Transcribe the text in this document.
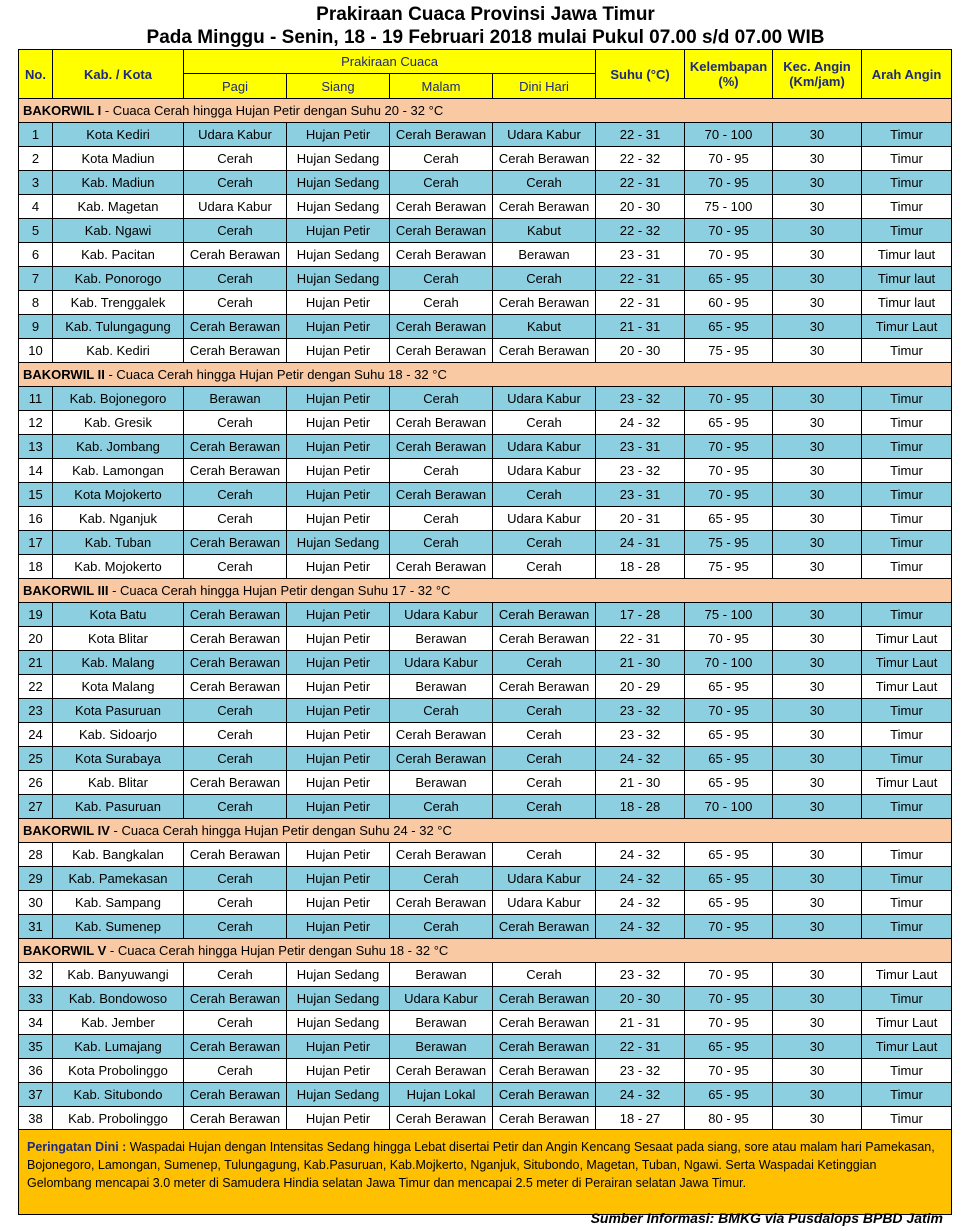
Prakiraan Cuaca Provinsi Jawa Timur
Pada Minggu - Senin, 18 - 19 Februari 2018 mulai Pukul 07.00 s/d 07.00 WIB
No.	Kab. / Kota	Prakiraan Cuaca				Suhu (°C)	Kelembapan (%)	Kec. Angin (Km/jam)	Arah Angin
		Pagi	Siang	Malam	Dini Hari				
BAKORWIL I - Cuaca Cerah hingga Hujan Petir dengan Suhu 20 - 32 °C									
1	Kota Kediri	Udara Kabur	Hujan Petir	Cerah Berawan	Udara Kabur	22 - 31	70 - 100	30	Timur
2	Kota Madiun	Cerah	Hujan Sedang	Cerah	Cerah Berawan	22 - 32	70 - 95	30	Timur
3	Kab. Madiun	Cerah	Hujan Sedang	Cerah	Cerah	22 - 31	70 - 95	30	Timur
4	Kab. Magetan	Udara Kabur	Hujan Sedang	Cerah Berawan	Cerah Berawan	20 - 30	75 - 100	30	Timur
5	Kab. Ngawi	Cerah	Hujan Petir	Cerah Berawan	Kabut	22 - 32	70 - 95	30	Timur
6	Kab. Pacitan	Cerah Berawan	Hujan Sedang	Cerah Berawan	Berawan	23 - 31	70 - 95	30	Timur laut
7	Kab. Ponorogo	Cerah	Hujan Sedang	Cerah	Cerah	22 - 31	65 - 95	30	Timur laut
8	Kab. Trenggalek	Cerah	Hujan Petir	Cerah	Cerah Berawan	22 - 31	60 - 95	30	Timur laut
9	Kab. Tulungagung	Cerah Berawan	Hujan Petir	Cerah Berawan	Kabut	21 - 31	65 - 95	30	Timur Laut
10	Kab. Kediri	Cerah Berawan	Hujan Petir	Cerah Berawan	Cerah Berawan	20 - 30	75 - 95	30	Timur
BAKORWIL II - Cuaca Cerah hingga Hujan Petir dengan Suhu 18 - 32 °C									
11	Kab. Bojonegoro	Berawan	Hujan Petir	Cerah	Udara Kabur	23 - 32	70 - 95	30	Timur
12	Kab. Gresik	Cerah	Hujan Petir	Cerah Berawan	Cerah	24 - 32	65 - 95	30	Timur
13	Kab. Jombang	Cerah Berawan	Hujan Petir	Cerah Berawan	Udara Kabur	23 - 31	70 - 95	30	Timur
14	Kab. Lamongan	Cerah Berawan	Hujan Petir	Cerah	Udara Kabur	23 - 32	70 - 95	30	Timur
15	Kota Mojokerto	Cerah	Hujan Petir	Cerah Berawan	Cerah	23 - 31	70 - 95	30	Timur
16	Kab. Nganjuk	Cerah	Hujan Petir	Cerah	Udara Kabur	20 - 31	65 - 95	30	Timur
17	Kab. Tuban	Cerah Berawan	Hujan Sedang	Cerah	Cerah	24 - 31	75 - 95	30	Timur
18	Kab. Mojokerto	Cerah	Hujan Petir	Cerah Berawan	Cerah	18 - 28	75 - 95	30	Timur
BAKORWIL III - Cuaca Cerah hingga Hujan Petir dengan Suhu 17 - 32 °C									
19	Kota Batu	Cerah Berawan	Hujan Petir	Udara Kabur	Cerah Berawan	17 - 28	75 - 100	30	Timur
20	Kota Blitar	Cerah Berawan	Hujan Petir	Berawan	Cerah Berawan	22 - 31	70 - 95	30	Timur Laut
21	Kab. Malang	Cerah Berawan	Hujan Petir	Udara Kabur	Cerah	21 - 30	70 - 100	30	Timur Laut
22	Kota Malang	Cerah Berawan	Hujan Petir	Berawan	Cerah Berawan	20 - 29	65 - 95	30	Timur Laut
23	Kota Pasuruan	Cerah	Hujan Petir	Cerah	Cerah	23 - 32	70 - 95	30	Timur
24	Kab. Sidoarjo	Cerah	Hujan Petir	Cerah Berawan	Cerah	23 - 32	65 - 95	30	Timur
25	Kota Surabaya	Cerah	Hujan Petir	Cerah Berawan	Cerah	24 - 32	65 - 95	30	Timur
26	Kab. Blitar	Cerah Berawan	Hujan Petir	Berawan	Cerah	21 - 30	65 - 95	30	Timur Laut
27	Kab. Pasuruan	Cerah	Hujan Petir	Cerah	Cerah	18 - 28	70 - 100	30	Timur
BAKORWIL IV - Cuaca Cerah hingga Hujan Petir dengan Suhu 24 - 32 °C									
28	Kab. Bangkalan	Cerah Berawan	Hujan Petir	Cerah Berawan	Cerah	24 - 32	65 - 95	30	Timur
29	Kab. Pamekasan	Cerah	Hujan Petir	Cerah	Udara Kabur	24 - 32	65 - 95	30	Timur
30	Kab. Sampang	Cerah	Hujan Petir	Cerah Berawan	Udara Kabur	24 - 32	65 - 95	30	Timur
31	Kab. Sumenep	Cerah	Hujan Petir	Cerah	Cerah Berawan	24 - 32	70 - 95	30	Timur
BAKORWIL V - Cuaca Cerah hingga Hujan Petir dengan Suhu 18 - 32 °C									
32	Kab. Banyuwangi	Cerah	Hujan Sedang	Berawan	Cerah	23 - 32	70 - 95	30	Timur Laut
33	Kab. Bondowoso	Cerah Berawan	Hujan Sedang	Udara Kabur	Cerah Berawan	20 - 30	70 - 95	30	Timur
34	Kab. Jember	Cerah	Hujan Sedang	Berawan	Cerah Berawan	21 - 31	70 - 95	30	Timur Laut
35	Kab. Lumajang	Cerah Berawan	Hujan Petir	Berawan	Cerah Berawan	22 - 31	65 - 95	30	Timur Laut
36	Kota Probolinggo	Cerah	Hujan Petir	Cerah Berawan	Cerah Berawan	23 - 32	70 - 95	30	Timur
37	Kab. Situbondo	Cerah Berawan	Hujan Sedang	Hujan Lokal	Cerah Berawan	24 - 32	65 - 95	30	Timur
38	Kab. Probolinggo	Cerah Berawan	Hujan Petir	Cerah Berawan	Cerah Berawan	18 - 27	80 - 95	30	Timur
Peringatan Dini : Waspadai Hujan dengan Intensitas Sedang hingga Lebat disertai Petir dan Angin Kencang Sesaat pada siang, sore atau malam hari Pamekasan, Bojonegoro, Lamongan, Sumenep, Tulungagung, Kab.Pasuruan, Kab.Mojkerto, Nganjuk, Situbondo, Magetan, Tuban, Ngawi. Serta Waspadai Ketinggian Gelombang mencapai 3.0 meter di Samudera Hindia selatan Jawa Timur dan mencapai 2.5 meter di Perairan selatan Jawa Timur.
Sumber Informasi: BMKG via Pusdalops BPBD Jatim
